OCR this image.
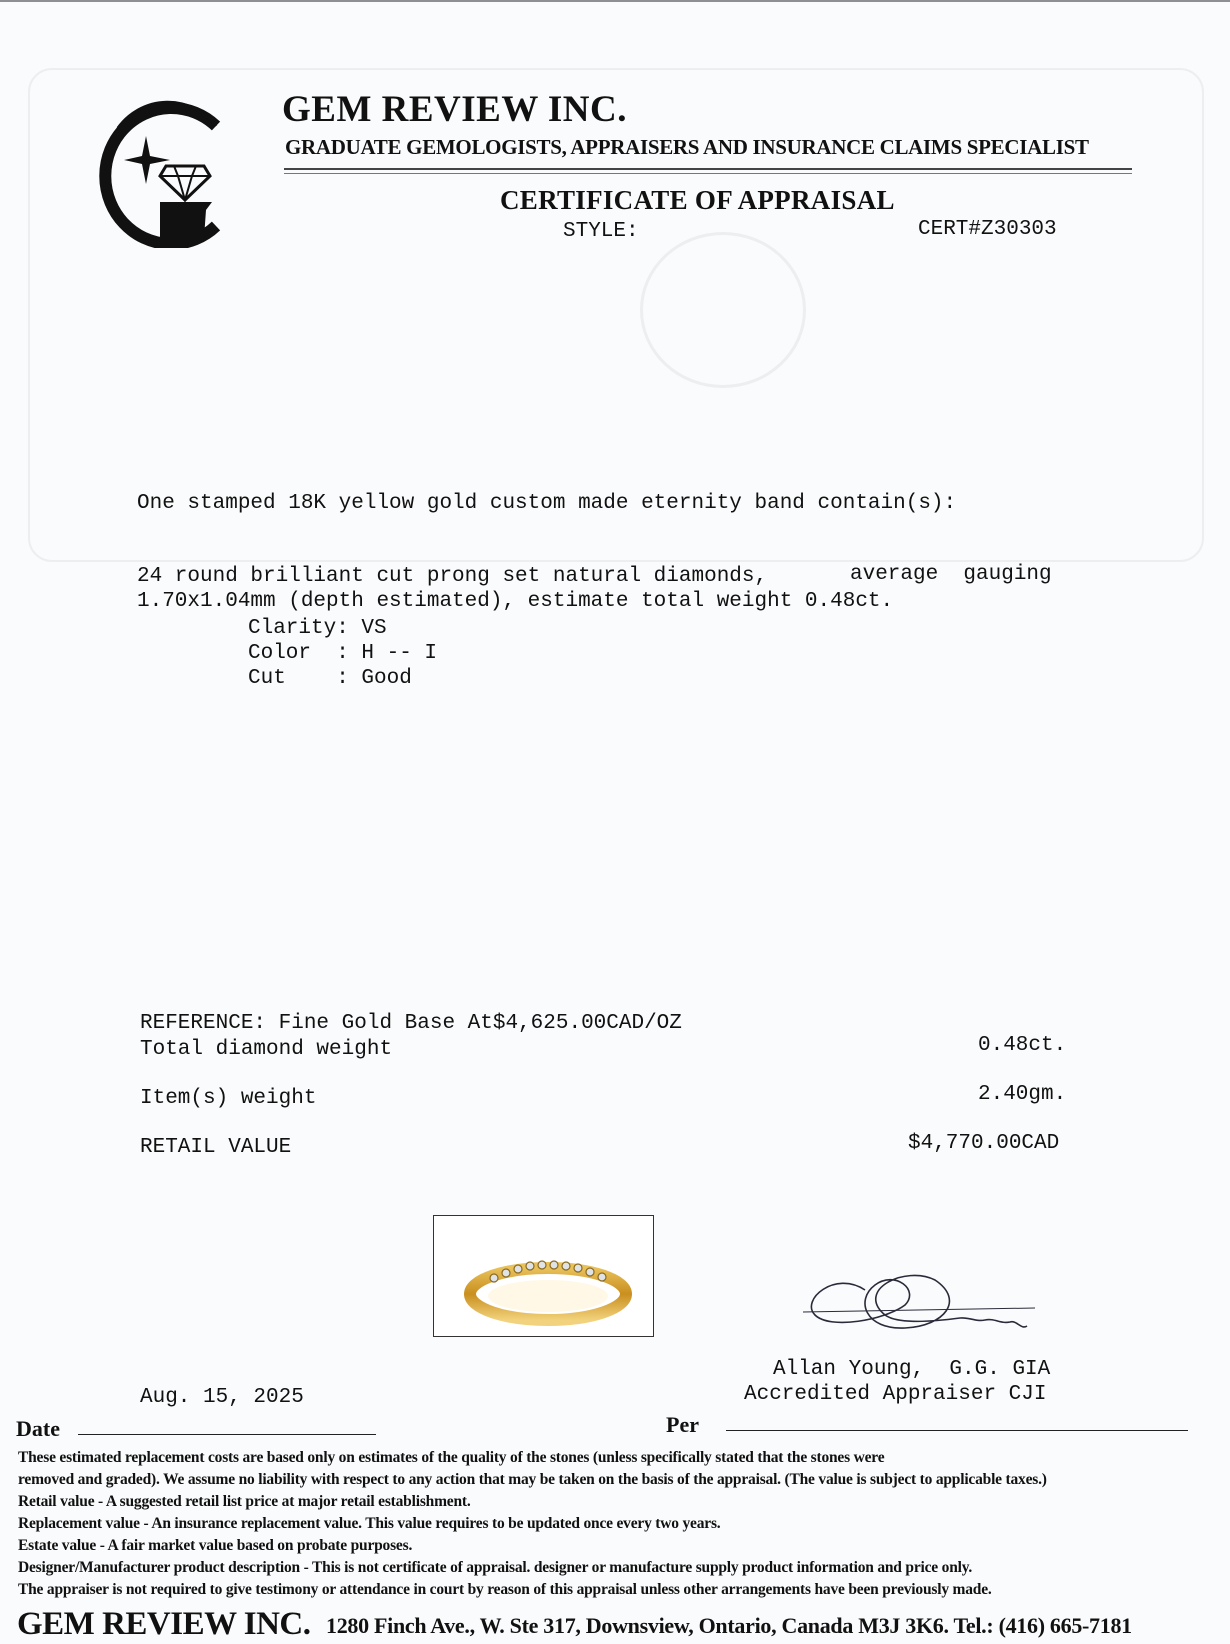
GEM REVIEW INC.
GRADUATE GEMOLOGISTS, APPRAISERS AND INSURANCE CLAIMS SPECIALIST
CERTIFICATE OF APPRAISAL
STYLE:	CERT#Z30303
One stamped 18K yellow gold custom made eternity band contain(s):
24 round brilliant cut prong set natural diamonds,	average  gauging
1.70x1.04mm (depth estimated), estimate total weight 0.48ct.
Clarity: VS
Color  : H -- I
Cut    : Good
REFERENCE: Fine Gold Base At$4,625.00CAD/OZ
Total diamond weight	0.48ct.
Item(s) weight	2.40gm.
RETAIL VALUE	$4,770.00CAD
Allan Young,  G.G. GIA
Accredited Appraiser CJI
Aug. 15, 2025
Date	Per
These estimated replacement costs are based only on estimates of the quality of the stones (unless specifically stated that the stones were
removed and graded). We assume no liability with respect to any action that may be taken on the basis of the appraisal. (The value is subject to applicable taxes.)
Retail value - A suggested retail list price at major retail establishment.
Replacement value - An insurance replacement value. This value requires to be updated once every two years.
Estate value - A fair market value based on probate purposes.
Designer/Manufacturer product description - This is not certificate of appraisal. designer or manufacture supply product information and price only.
The appraiser is not required to give testimony or attendance in court by reason of this appraisal unless other arrangements have been previously made.
GEM REVIEW INC. 1280 Finch Ave., W. Ste 317, Downsview, Ontario, Canada M3J 3K6. Tel.: (416) 665-7181
